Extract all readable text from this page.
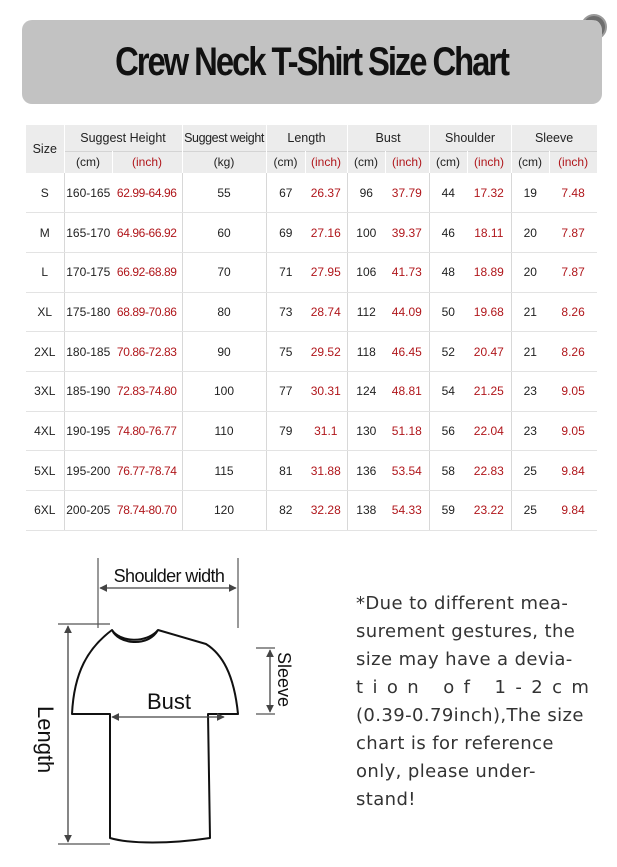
Crew Neck T-Shirt Size Chart
Size	Suggest Height		Suggest weight	Length		Bust		Shoulder		Sleeve	
	(cm)	(inch)	(kg)	(cm)	(inch)	(cm)	(inch)	(cm)	(inch)	(cm)	(inch)
S	160-165	62.99-64.96	55	67	26.37	96	37.79	44	17.32	19	7.48
M	165-170	64.96-66.92	60	69	27.16	100	39.37	46	18.11	20	7.87
L	170-175	66.92-68.89	70	71	27.95	106	41.73	48	18.89	20	7.87
XL	175-180	68.89-70.86	80	73	28.74	112	44.09	50	19.68	21	8.26
2XL	180-185	70.86-72.83	90	75	29.52	118	46.45	52	20.47	21	8.26
3XL	185-190	72.83-74.80	100	77	30.31	124	48.81	54	21.25	23	9.05
4XL	190-195	74.80-76.77	110	79	31.1	130	51.18	56	22.04	23	9.05
5XL	195-200	76.77-78.74	115	81	31.88	136	53.54	58	22.83	25	9.84
6XL	200-205	78.74-80.70	120	82	32.28	138	54.33	59	23.22	25	9.84
Shoulder width
Bust	Sleeve
Length
*Due to different mea-
surement gestures, the
size may have a devia-
tion of 1-2cm
(0.39-0.79inch),The size
chart is for reference
only, please under-
stand!
